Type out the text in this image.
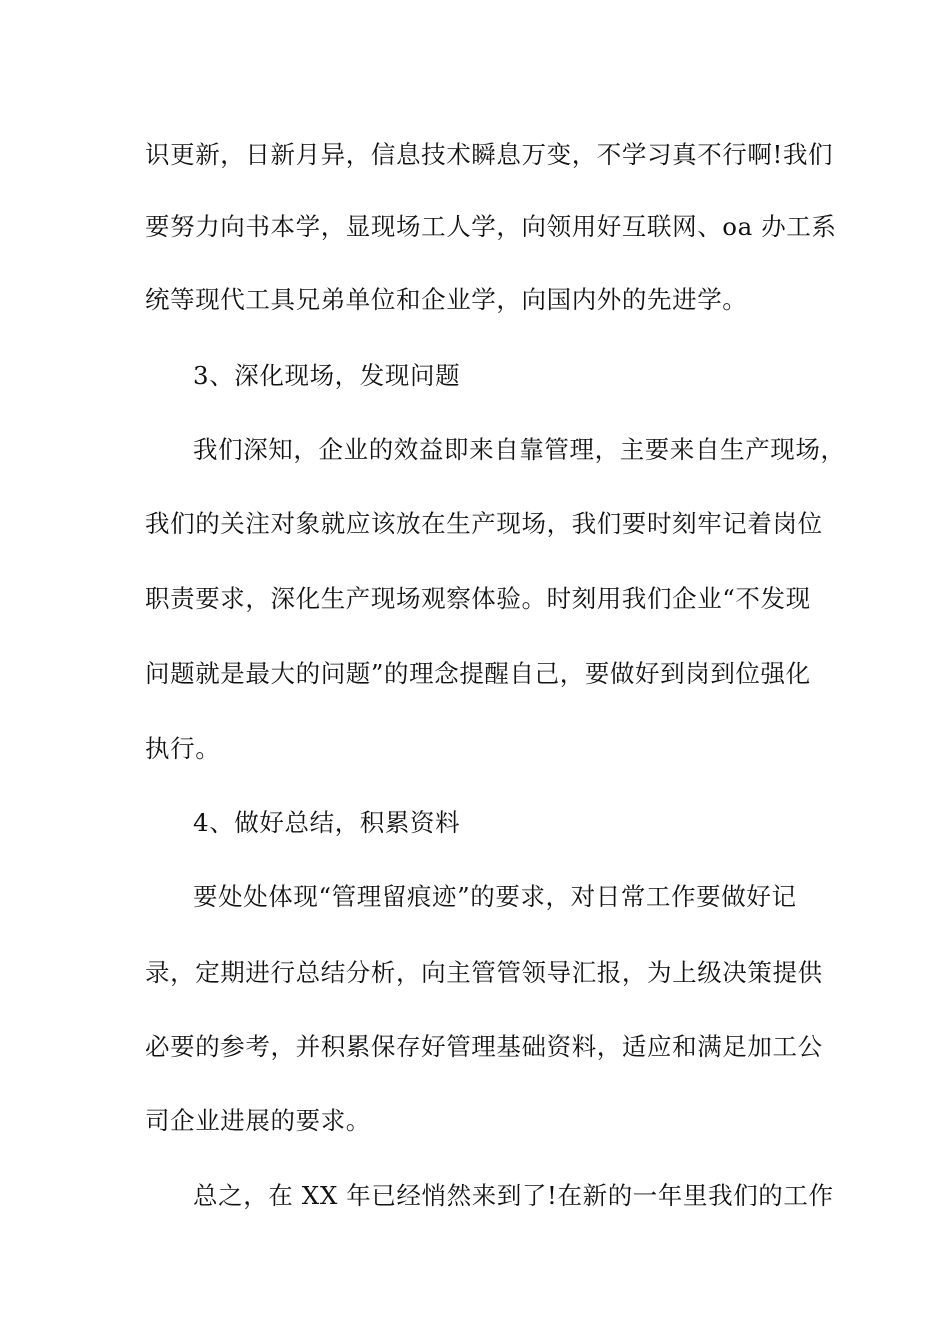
识更新，日新月异，信息技术瞬息万变，不学习真不行啊!我们
要努力向书本学，显现场工人学，向领用好互联网、oa 办工系
统等现代工具兄弟单位和企业学，向国内外的先进学。
3、深化现场，发现问题
我们深知，企业的效益即来自靠管理，主要来自生产现场，
我们的关注对象就应该放在生产现场，我们要时刻牢记着岗位
职责要求，深化生产现场观察体验。时刻用我们企业“不发现
问题就是最大的问题”的理念提醒自己，要做好到岗到位强化
执行。
4、做好总结，积累资料
要处处体现“管理留痕迹”的要求，对日常工作要做好记
录，定期进行总结分析，向主管管领导汇报，为上级决策提供
必要的参考，并积累保存好管理基础资料，适应和满足加工公
司企业进展的要求。
总之，在 XX 年已经悄然来到了!在新的一年里我们的工作
